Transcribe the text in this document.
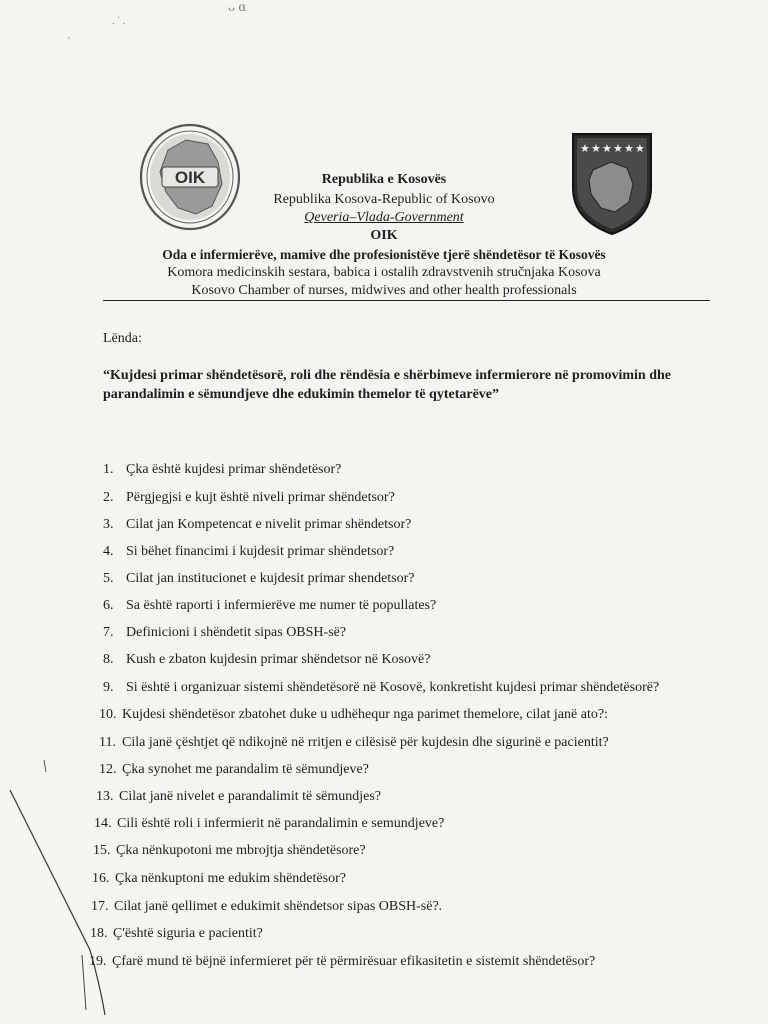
ᴗ ɑ
. ` .
'
OIK
★ ★ ★ ★ ★ ★
Republika e Kosovës
Republika Kosova-Republic of Kosovo
Qeveria–Vlada-Government
OIK
Oda e infermierëve, mamive dhe profesionistëve tjerë shëndetësor të Kosovës
Komora medicinskih sestara, babica i ostalih zdravstvenih stručnjaka Kosova
Kosovo Chamber of nurses, midwives and other health professionals
Lënda:
“Kujdesi primar shëndetësorë, roli dhe rëndësia e shërbimeve infermierore në promovimin dhe parandalimin e sëmundjeve dhe edukimin themelor të qytetarëve”
1. Çka është kujdesi primar shëndetësor?
2. Përgjegjsi e kujt është niveli primar shëndetsor?
3. Cilat jan Kompetencat e nivelit primar shëndetsor?
4. Si bëhet financimi i kujdesit primar shëndetsor?
5. Cilat jan institucionet e kujdesit primar shendetsor?
6. Sa është raporti i infermierëve me numer të popullates?
7. Definicioni i shëndetit sipas OBSH-së?
8. Kush e zbaton kujdesin primar shëndetsor në Kosovë?
9. Si është i organizuar sistemi shëndetësorë në Kosovë, konkretisht kujdesi primar shëndetësorë?
10. Kujdesi shëndetësor zbatohet duke u udhëhequr nga parimet themelore, cilat janë ato?:
11. Cila janë çështjet që ndikojnë në rritjen e cilësisë për kujdesin dhe sigurinë e pacientit?
12. Çka synohet me parandalim të sëmundjeve?
13. Cilat janë nivelet e parandalimit të sëmundjes?
14. Cili është roli i infermierit në parandalimin e semundjeve?
15. Çka nënkupotoni me mbrojtja shëndetësore?
16. Çka nënkuptoni me edukim shëndetësor?
17. Cilat janë qellimet e edukimit shëndetsor sipas OBSH-së?.
18. Ç'është siguria e pacientit?
19. Çfarë mund të bëjnë infermieret për të përmirësuar efikasitetin e sistemit shëndetësor?
